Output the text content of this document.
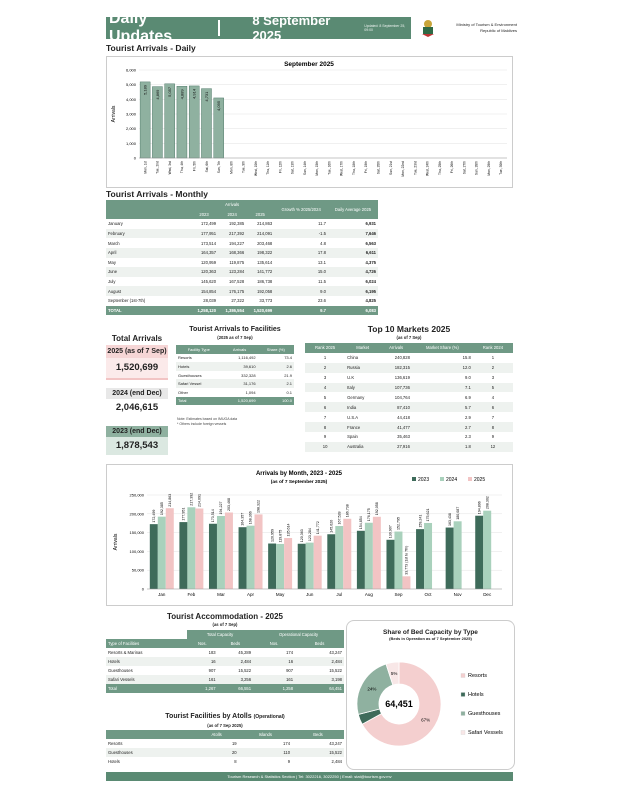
Daily Updates
8 September 2025
Updated: 8 September 25, 09:00
Ministry of Tourism & Environment
Republic of Maldives
Tourist Arrivals - Daily
September 2025
Arrivals
0
1,000
2,000
3,000
4,000
5,000
6,000
5,189
Mon, 1st
4,869
Tue, 2nd
5,057
Wed, 3rd
4,889
Thu, 4th
4,914
Fri, 5th
4,731
Sat, 6th
4,095
Sun, 7th	Mon, 8th	Tue, 9th	Wed, 10th	Thu, 11th	Fri, 12th	Sat, 13th	Sun, 14th	Mon, 15th	Tue, 16th	Wed, 17th	Thu, 18th	Fri, 19th	Sat, 20th	Sun, 21st	Mon, 22nd	Tue, 23rd	Wed, 24th	Thu, 25th	Fri, 26th	Sat, 27th	Sun, 28th	Mon, 29th	Tue, 30th
Tourist Arrivals - Monthly
	Arrivals			Growth % 2025/2024	Daily Average 2025
	2023	2024	2025		
January	172,499	192,385	214,863	11.7	6,931
February	177,951	217,392	214,091	-1.5	7,646
March	173,514	194,227	203,468	4.8	6,563
April	164,357	168,366	198,322	17.8	6,611
May	120,959	119,875	135,614	13.1	4,375
June	120,363	123,284	141,772	15.0	4,726
July	145,620	167,528	186,738	11.5	6,024
August	154,854	176,175	192,058	9.0	6,195
September (1st-7th)	28,039	27,322	33,773	23.6	4,825
TOTAL	1,258,120	1,386,554	1,520,699	9.7	6,083
Total Arrivals
2025 (as of 7 Sep)
1,520,699
2024 (end Dec)
2,046,615
2023 (end Dec)
1,878,543
Tourist Arrivals to Facilities
(2025 as of 7 Sep)
Facility Type	Arrivals	Share (%)
Resorts	1,116,492	73.4
Hotels	39,610	2.6
Guesthouses	332,328	21.9
Safari Vessel	31,176	2.1
Other	1,094	0.1
Total	1,520,699	100.0
Note: Estimates based on IMUGA data
* Others include foreign vessels
Top 10 Markets 2025
(as of 7 Sep)
Rank 2025	Market	Arrivals	Market Share (%)	Rank 2024
1	China	240,828	15.8	1
2	Russia	182,315	12.0	2
3	U.K	136,619	9.0	3
4	Italy	107,736	7.1	5
5	Germany	104,764	6.9	4
6	India	87,410	5.7	6
7	U.S.A	44,418	2.9	7
8	France	41,477	2.7	8
9	Spain	35,463	2.3	9
10	Australia	27,916	1.8	12
Arrivals by Month, 2023 - 2025
(as of 7 September 2025)	2023	2024	2025
Arrivals
0
50,000
100,000
150,000
200,000
250,000
172,499
192,385
214,863
Jan
177,951
217,392 214,091
Feb
173,514
194,227 203,468
Mar
164,357 168,366
198,322
Apr
120,959 119,875 135,614
May
120,363 123,284
141,772
Jun
145,620
167,528
186,738
Jul
154,854
176,175 192,058
Aug
130,907
152,795
33,773 (1st to 7th)
Sep
159,241 175,621
Oct
163,438 180,087
Nov
194,896 208,302
Dec
Tourist Accommodation - 2025
(as of 7 Sep)
	Total Capacity		Operational Capacity	
Type of Facilities	Nos.	Beds	Nos.	Beds
Resorts & Marinas	183	45,289	174	43,247
Hotels	16	2,484	16	2,484
Guesthouses	907	15,522	907	15,522
Safari Vessels	161	3,256	161	3,198
Total	1,267	66,551	1,258	64,451
Tourist Facilities by Atolls (Operational)
(as of 7 Sep 2025)
	Atolls	Islands	Beds
Resorts	19	174	43,247
Guesthouses	20	110	15,522
Hotels	8	9	2,484
Share of Bed Capacity by Type
(Beds in Operation as of 7 September 2025)
67%
24%
5%
64,451
Resorts
Hotels
Guesthouses
Safari Vessels
Tourism Research & Statistics Section | Tel: 3022216, 3022250 | Email: stat@tourism.gov.mv
